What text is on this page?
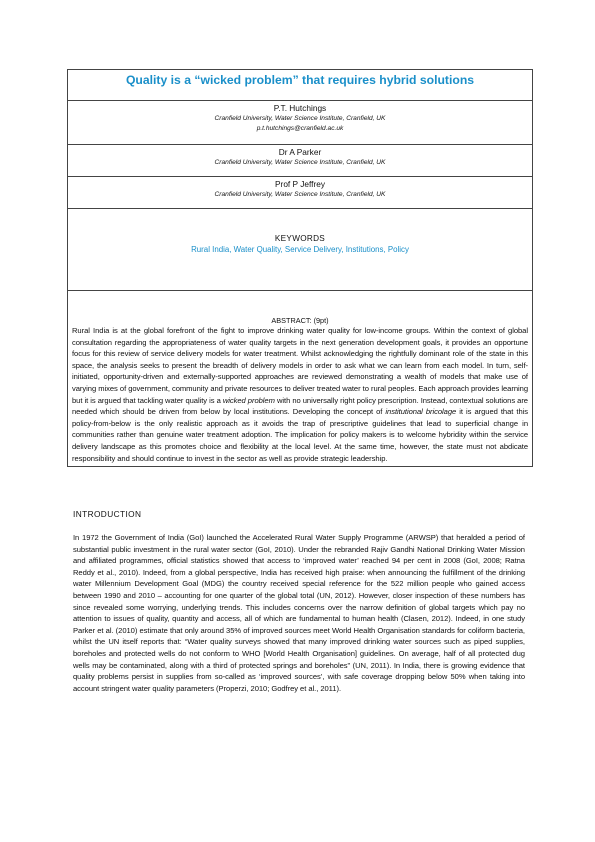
Quality is a “wicked problem” that requires hybrid solutions
P.T. Hutchings
Cranfield University, Water Science Institute, Cranfield, UK
p.t.hutchings@cranfield.ac.uk
Dr A Parker
Cranfield University, Water Science Institute, Cranfield, UK
Prof P Jeffrey
Cranfield University, Water Science Institute, Cranfield, UK
KEYWORDS
Rural India, Water Quality, Service Delivery, Institutions, Policy
ABSTRACT: (9pt)
Rural India is at the global forefront of the fight to improve drinking water quality for low-income groups. Within the context of global consultation regarding the appropriateness of water quality targets in the next generation development goals, it provides an opportune focus for this review of service delivery models for water treatment. Whilst acknowledging the rightfully dominant role of the state in this space, the analysis seeks to present the breadth of delivery models in order to ask what we can learn from each model. In turn, self-initiated, opportunity-driven and externally-supported approaches are reviewed demonstrating a wealth of models that make use of varying mixes of government, community and private resources to deliver treated water to rural peoples. Each approach provides learning but it is argued that tackling water quality is a wicked problem with no universally right policy prescription. Instead, contextual solutions are needed which should be driven from below by local institutions. Developing the concept of institutional bricolage it is argued that this policy-from-below is the only realistic approach as it avoids the trap of prescriptive guidelines that lead to superficial change in communities rather than genuine water treatment adoption. The implication for policy makers is to welcome hybridity within the service delivery landscape as this promotes choice and flexibility at the local level. At the same time, however, the state must not abdicate responsibility and should continue to invest in the sector as well as provide strategic leadership.
INTRODUCTION
In 1972 the Government of India (GoI) launched the Accelerated Rural Water Supply Programme (ARWSP) that heralded a period of substantial public investment in the rural water sector (GoI, 2010). Under the rebranded Rajiv Gandhi National Drinking Water Mission and affiliated programmes, official statistics showed that access to ‘improved water’ reached 94 per cent in 2008 (GoI, 2008; Ratna Reddy et al., 2010). Indeed, from a global perspective, India has received high praise: when announcing the fulfillment of the drinking water Millennium Development Goal (MDG) the country received special reference for the 522 million people who gained access between 1990 and 2010 – accounting for one quarter of the global total (UN, 2012). However, closer inspection of these numbers has since revealed some worrying, underlying trends. This includes concerns over the narrow definition of global targets which pay no attention to issues of quality, quantity and access, all of which are fundamental to human health (Clasen, 2012). Indeed, in one study Parker et al. (2010) estimate that only around 35% of improved sources meet World Health Organisation standards for coliform bacteria, whilst the UN itself reports that: “Water quality surveys showed that many improved drinking water sources such as piped supplies, boreholes and protected wells do not conform to WHO [World Health Organisation] guidelines. On average, half of all protected dug wells may be contaminated, along with a third of protected springs and boreholes” (UN, 2011). In India, there is growing evidence that quality problems persist in supplies from so-called as ‘improved sources’, with safe coverage dropping below 50% when taking into account stringent water quality parameters (Properzi, 2010; Godfrey et al., 2011).
